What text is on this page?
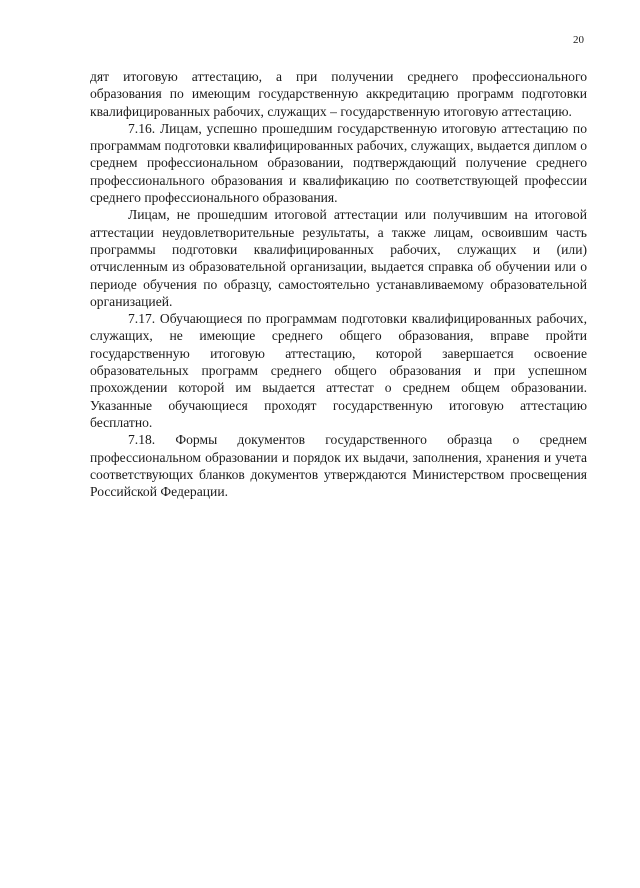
20

дят итоговую аттестацию, а при получении среднего профессионального образования по имеющим государственную аккредитацию программ подготовки квалифицированных рабочих, служащих – государственную итоговую аттестацию.

7.16. Лицам, успешно прошедшим государственную итоговую аттестацию по программам подготовки квалифицированных рабочих, служащих, выдается диплом о среднем профессиональном образовании, подтверждающий получение среднего профессионального образования и квалификацию по соответствующей профессии среднего профессионального образования.

Лицам, не прошедшим итоговой аттестации или получившим на итоговой аттестации неудовлетворительные результаты, а также лицам, освоившим часть программы подготовки квалифицированных рабочих, служащих и (или) отчисленным из образовательной организации, выдается справка об обучении или о периоде обучения по образцу, самостоятельно устанавливаемому образовательной организацией.

7.17. Обучающиеся по программам подготовки квалифицированных рабочих, служащих, не имеющие среднего общего образования, вправе пройти государственную итоговую аттестацию, которой завершается освоение образовательных программ среднего общего образования и при успешном прохождении которой им выдается аттестат о среднем общем образовании. Указанные обучающиеся проходят государственную итоговую аттестацию бесплатно.

7.18. Формы документов государственного образца о среднем профессиональном образовании и порядок их выдачи, заполнения, хранения и учета соответствующих бланков документов утверждаются Министерством просвещения Российской Федерации.
